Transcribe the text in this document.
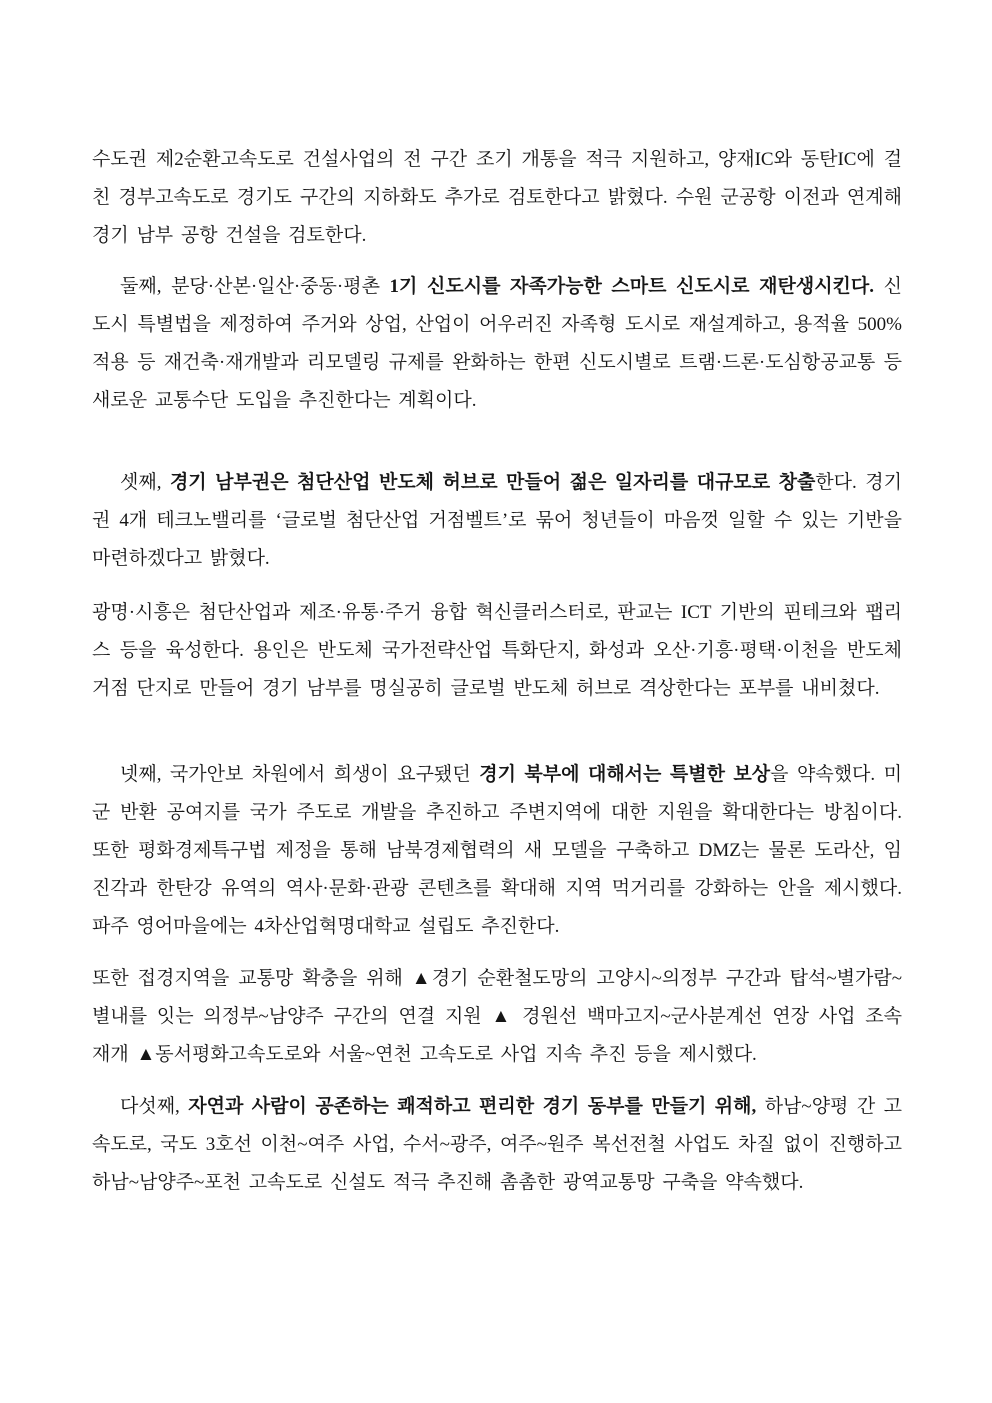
수도권 제2순환고속도로 건설사업의 전 구간 조기 개통을 적극 지원하고, 양재IC와 동탄IC에 걸친 경부고속도로 경기도 구간의 지하화도 추가로 검토한다고 밝혔다. 수원 군공항 이전과 연계해 경기 남부 공항 건설을 검토한다.

둘째, 분당·산본·일산·중동·평촌 1기 신도시를 자족가능한 스마트 신도시로 재탄생시킨다. 신도시 특별법을 제정하여 주거와 상업, 산업이 어우러진 자족형 도시로 재설계하고, 용적율 500% 적용 등 재건축·재개발과 리모델링 규제를 완화하는 한편 신도시별로 트램·드론·도심항공교통 등 새로운 교통수단 도입을 추진한다는 계획이다.

셋째, 경기 남부권은 첨단산업 반도체 허브로 만들어 젊은 일자리를 대규모로 창출한다. 경기권 4개 테크노밸리를 ‘글로벌 첨단산업 거점벨트’로 묶어 청년들이 마음껏 일할 수 있는 기반을 마련하겠다고 밝혔다.

광명·시흥은 첨단산업과 제조·유통·주거 융합 혁신클러스터로, 판교는 ICT 기반의 핀테크와 팹리스 등을 육성한다. 용인은 반도체 국가전략산업 특화단지, 화성과 오산·기흥·평택·이천을 반도체 거점 단지로 만들어 경기 남부를 명실공히 글로벌 반도체 허브로 격상한다는 포부를 내비쳤다.

넷째, 국가안보 차원에서 희생이 요구됐던 경기 북부에 대해서는 특별한 보상을 약속했다. 미군 반환 공여지를 국가 주도로 개발을 추진하고 주변지역에 대한 지원을 확대한다는 방침이다. 또한 평화경제특구법 제정을 통해 남북경제협력의 새 모델을 구축하고 DMZ는 물론 도라산, 임진각과 한탄강 유역의 역사·문화·관광 콘텐츠를 확대해 지역 먹거리를 강화하는 안을 제시했다. 파주 영어마을에는 4차산업혁명대학교 설립도 추진한다.

또한 접경지역을 교통망 확충을 위해 ▲경기 순환철도망의 고양시~의정부 구간과 탑석~별가람~별내를 잇는 의정부~남양주 구간의 연결 지원 ▲ 경원선 백마고지~군사분계선 연장 사업 조속 재개 ▲동서평화고속도로와 서울~연천 고속도로 사업 지속 추진 등을 제시했다.

다섯째, 자연과 사람이 공존하는 쾌적하고 편리한 경기 동부를 만들기 위해, 하남~양평 간 고속도로, 국도 3호선 이천~여주 사업, 수서~광주, 여주~원주 복선전철 사업도 차질 없이 진행하고 하남~남양주~포천 고속도로 신설도 적극 추진해 촘촘한 광역교통망 구축을 약속했다.
